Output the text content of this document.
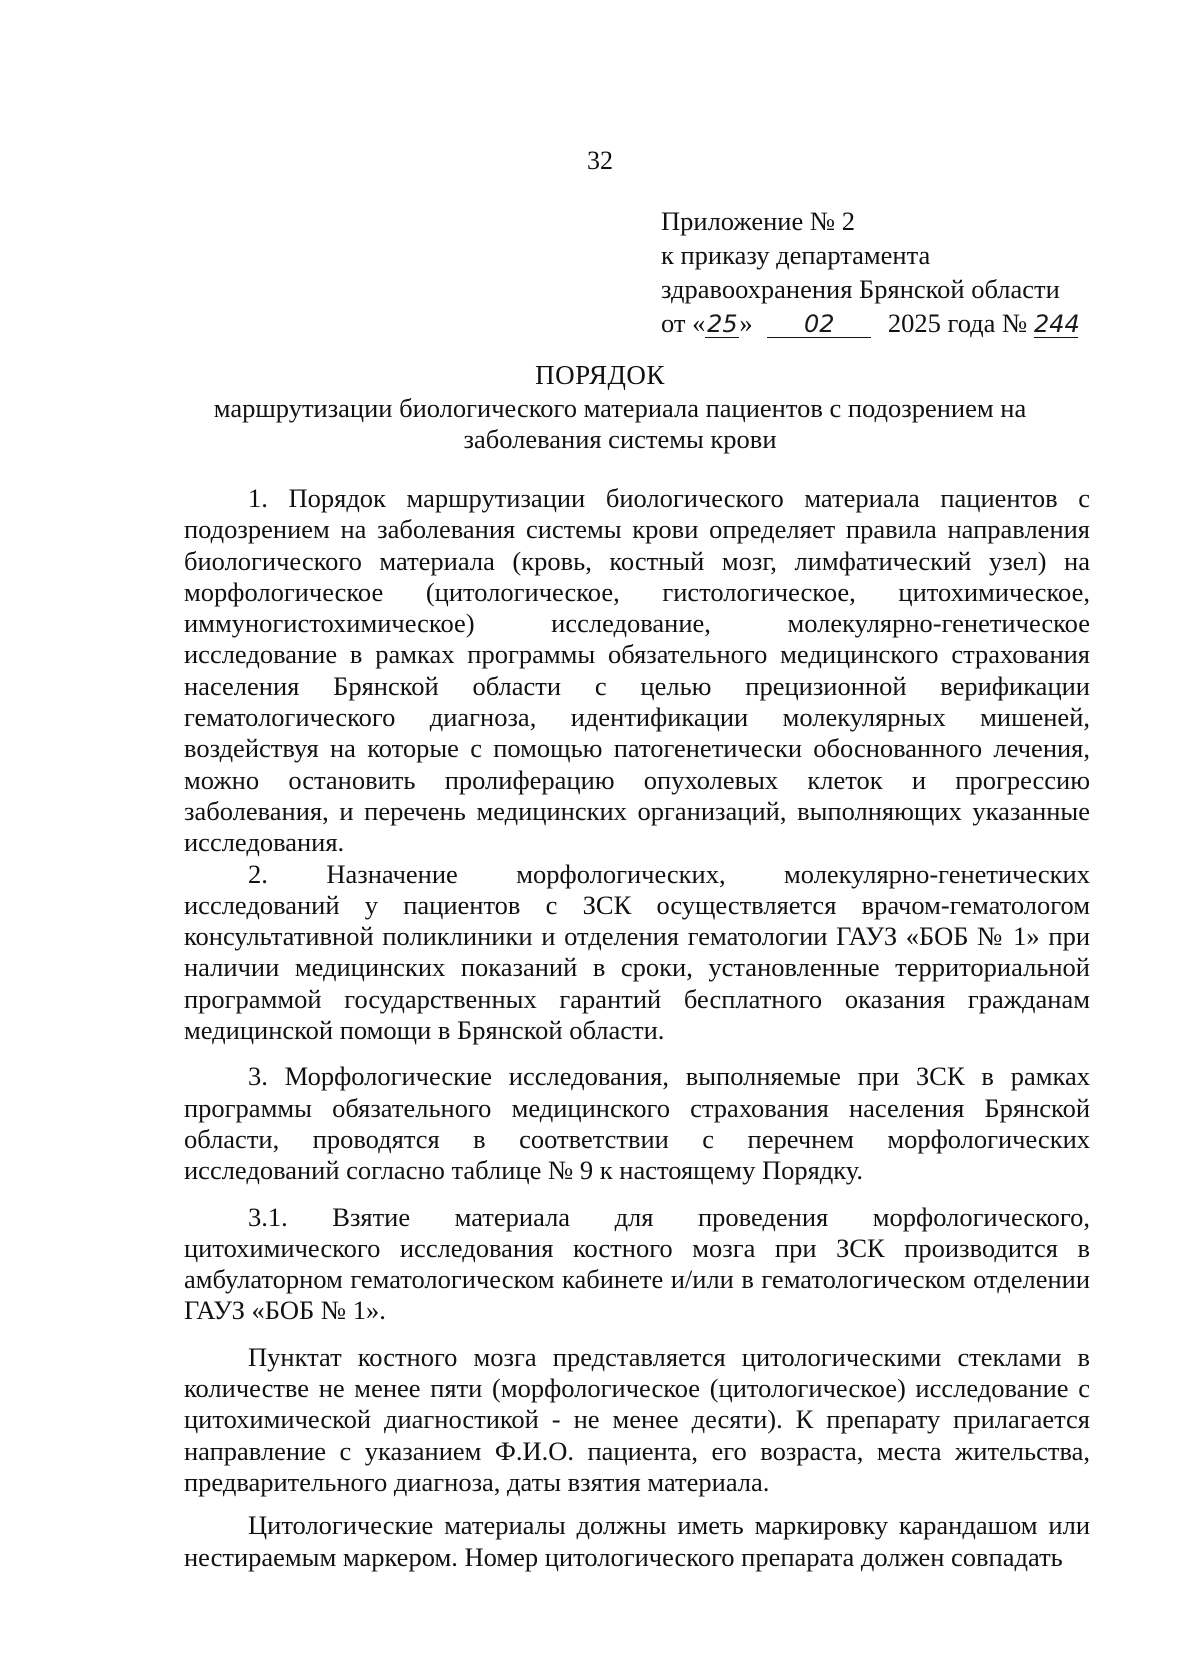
32
Приложение № 2
к приказу департамента
здравоохранения Брянской области
от «25» 02 2025 года № 244
ПОРЯДОК
маршрутизации биологического материала пациентов с подозрением на заболевания системы крови

1. Порядок маршрутизации биологического материала пациентов с подозрением на заболевания системы крови определяет правила направления биологического материала (кровь, костный мозг, лимфатический узел) на морфологическое (цитологическое, гистологическое, цитохимическое, иммуногистохимическое) исследование, молекулярно-генетическое исследование в рамках программы обязательного медицинского страхования населения Брянской области с целью прецизионной верификации гематологического диагноза, идентификации молекулярных мишеней, воздействуя на которые с помощью патогенетически обоснованного лечения, можно остановить пролиферацию опухолевых клеток и прогрессию заболевания, и перечень медицинских организаций, выполняющих указанные исследования.

2. Назначение морфологических, молекулярно-генетических исследований у пациентов с ЗСК осуществляется врачом-гематологом консультативной поликлиники и отделения гематологии ГАУЗ «БОБ № 1» при наличии медицинских показаний в сроки, установленные территориальной программой государственных гарантий бесплатного оказания гражданам медицинской помощи в Брянской области.

3. Морфологические исследования, выполняемые при ЗСК в рамках программы обязательного медицинского страхования населения Брянской области, проводятся в соответствии с перечнем морфологических исследований согласно таблице № 9 к настоящему Порядку.

3.1. Взятие материала для проведения морфологического, цитохимического исследования костного мозга при ЗСК производится в амбулаторном гематологическом кабинете и/или в гематологическом отделении ГАУЗ «БОБ № 1».

Пунктат костного мозга представляется цитологическими стеклами в количестве не менее пяти (морфологическое (цитологическое) исследование с цитохимической диагностикой - не менее десяти). К препарату прилагается направление с указанием Ф.И.О. пациента, его возраста, места жительства, предварительного диагноза, даты взятия материала.

Цитологические материалы должны иметь маркировку карандашом или нестираемым маркером. Номер цитологического препарата должен совпадать
